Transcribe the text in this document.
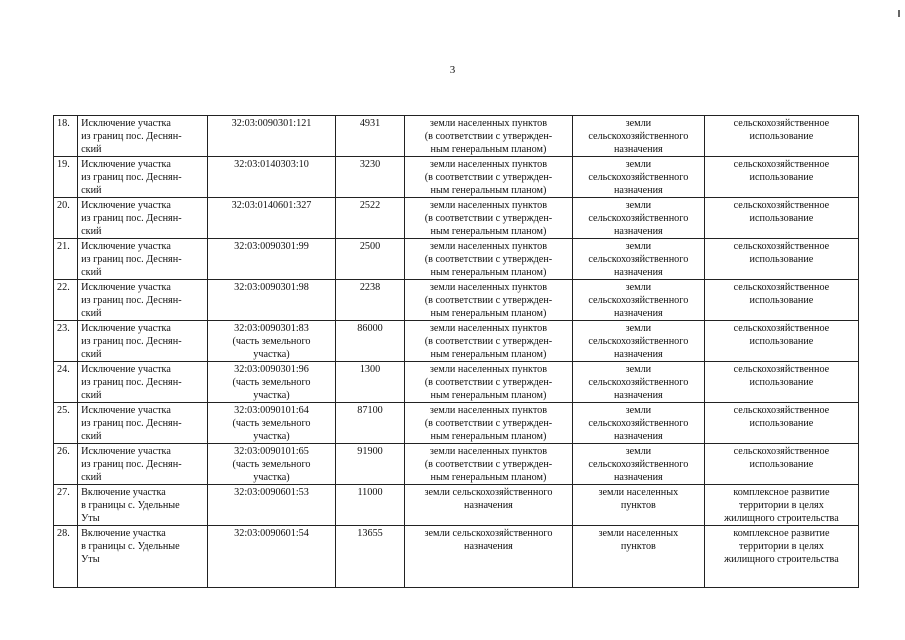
3
18.	Исключение участка
из границ пос. Деснян-
ский	32:03:0090301:121	4931	земли населенных пунктов
(в соответствии с утвержден-
ным генеральным планом)	земли
сельскохозяйственного
назначения	сельскохозяйственное
использование

19.	Исключение участка
из границ пос. Деснян-
ский	32:03:0140303:10	3230	земли населенных пунктов
(в соответствии с утвержден-
ным генеральным планом)	земли
сельскохозяйственного
назначения	сельскохозяйственное
использование

20.	Исключение участка
из границ пос. Деснян-
ский	32:03:0140601:327	2522	земли населенных пунктов
(в соответствии с утвержден-
ным генеральным планом)	земли
сельскохозяйственного
назначения	сельскохозяйственное
использование

21.	Исключение участка
из границ пос. Деснян-
ский	32:03:0090301:99	2500	земли населенных пунктов
(в соответствии с утвержден-
ным генеральным планом)	земли
сельскохозяйственного
назначения	сельскохозяйственное
использование

22.	Исключение участка
из границ пос. Деснян-
ский	32:03:0090301:98	2238	земли населенных пунктов
(в соответствии с утвержден-
ным генеральным планом)	земли
сельскохозяйственного
назначения	сельскохозяйственное
использование

23.	Исключение участка
из границ пос. Деснян-
ский	32:03:0090301:83
(часть земельного
участка)	86000	земли населенных пунктов
(в соответствии с утвержден-
ным генеральным планом)	земли
сельскохозяйственного
назначения	сельскохозяйственное
использование

24.	Исключение участка
из границ пос. Деснян-
ский	32:03:0090301:96
(часть земельного
участка)	1300	земли населенных пунктов
(в соответствии с утвержден-
ным генеральным планом)	земли
сельскохозяйственного
назначения	сельскохозяйственное
использование

25.	Исключение участка
из границ пос. Деснян-
ский	32:03:0090101:64
(часть земельного
участка)	87100	земли населенных пунктов
(в соответствии с утвержден-
ным генеральным планом)	земли
сельскохозяйственного
назначения	сельскохозяйственное
использование

26.	Исключение участка
из границ пос. Деснян-
ский	32:03:0090101:65
(часть земельного
участка)	91900	земли населенных пунктов
(в соответствии с утвержден-
ным генеральным планом)	земли
сельскохозяйственного
назначения	сельскохозяйственное
использование

27.	Включение участка
в границы с. Удельные
Уты	32:03:0090601:53	11000	земли сельскохозяйственного
назначения	земли населенных
пунктов	комплексное развитие
территории в целях
жилищного строительства

28.	Включение участка
в границы с. Удельные
Уты	32:03:0090601:54	13655	земли сельскохозяйственного
назначения	земли населенных
пунктов	комплексное развитие
территории в целях
жилищного строительства
